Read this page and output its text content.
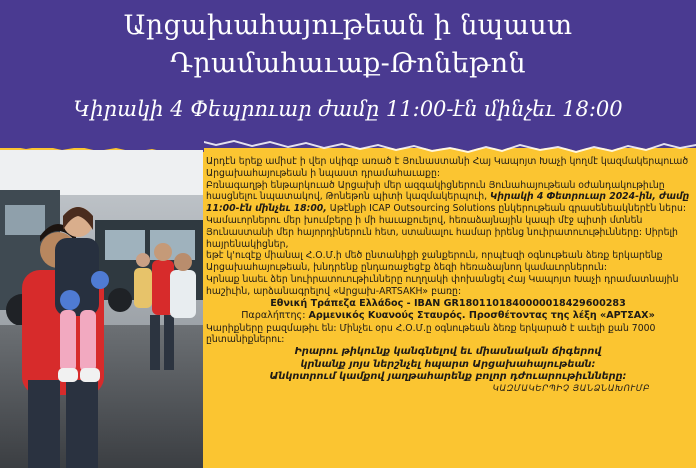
Արցախահայութեան ի նպաստ
Դրամահաւաք-Թոնեթոն
Կիրակի 4 Փեպրուար ժամը 11:00-էն մինչեւ 18:00

Արդէն երեք ամիսէ ի վեր սկիզբ առած է Յունաստանի Հայ Կապոյտ Խաչի կողմէ կազմակերպուած Արցախահայութեան ի նպաստ դրամահաւաքը:

Բռնագաղթի ենթարկուած Արցախի մեր ազգակիցներուն Յունահայութեան օժանդակութիւնը հասցնելու նպատակով, Թոնեթոն պիտի կազմակերպուի, Կիրակի 4 Փետրուար 2024-ին, ժամը 11:00-էն մինչեւ 18:00, Աթէնքի ICAP Outsourcing Solutions ընկերութեան գրասենեակներէն ներս: Կամաւորներու մեր խումբերը ի մի հաւաքուելով, հեռաձայնային կապի մէջ պիտի մտնեն Յունաստանի մեր հայորդիներուն հետ, ստանալու համար իրենց նուիրատուութիւնները: Սիրելի հայրենակիցներ,

եթէ կ'ուզէք միանալ Հ.Օ.Մ.ի մեծ ընտանիքի ջանքերուն, որպէսզի օգնութեան ձեռք երկարենք Արցախահայութեան, խնդրենք ընդառաջեցէք ձեզի հեռաձայնող կամաւորներուն:

Կրնաք նաեւ ձեր նուիրատուութիւնները ուղղակի փոխանցել Հայ Կապոյտ Խաչի դրամատնային հաշիւին, արձանագրելով «Արցախ-ARTSAKH» բառը:

Εθνική Τράπεζα Ελλάδος - IBAN GR1801101840000018429600283

Παραλήπτης: Αρμενικός Κυανούς Σταυρός. Προσθέτοντας της λέξη «ΑΡΤΣΑΧ»

Կարիքները բազմաթիւ են: Մինչեւ օրս Հ.Օ.Մ.ը օգնութեան ձեռք երկարած է աւելի քան 7000 ընտանիքներու:

Իրարու թիկունք կանգնելով եւ միասնական ճիգերով

կրնանք յոյս ներշնչել հպարտ Արցախահայութեան:

Անկոտրում կամքով յաղթահարենք բոլոր դժուարութիւնները:

ԿԱԶՄԱԿԵՐՊԻՉ ՅԱՆՁՆԱԽՈՒՄԲ
